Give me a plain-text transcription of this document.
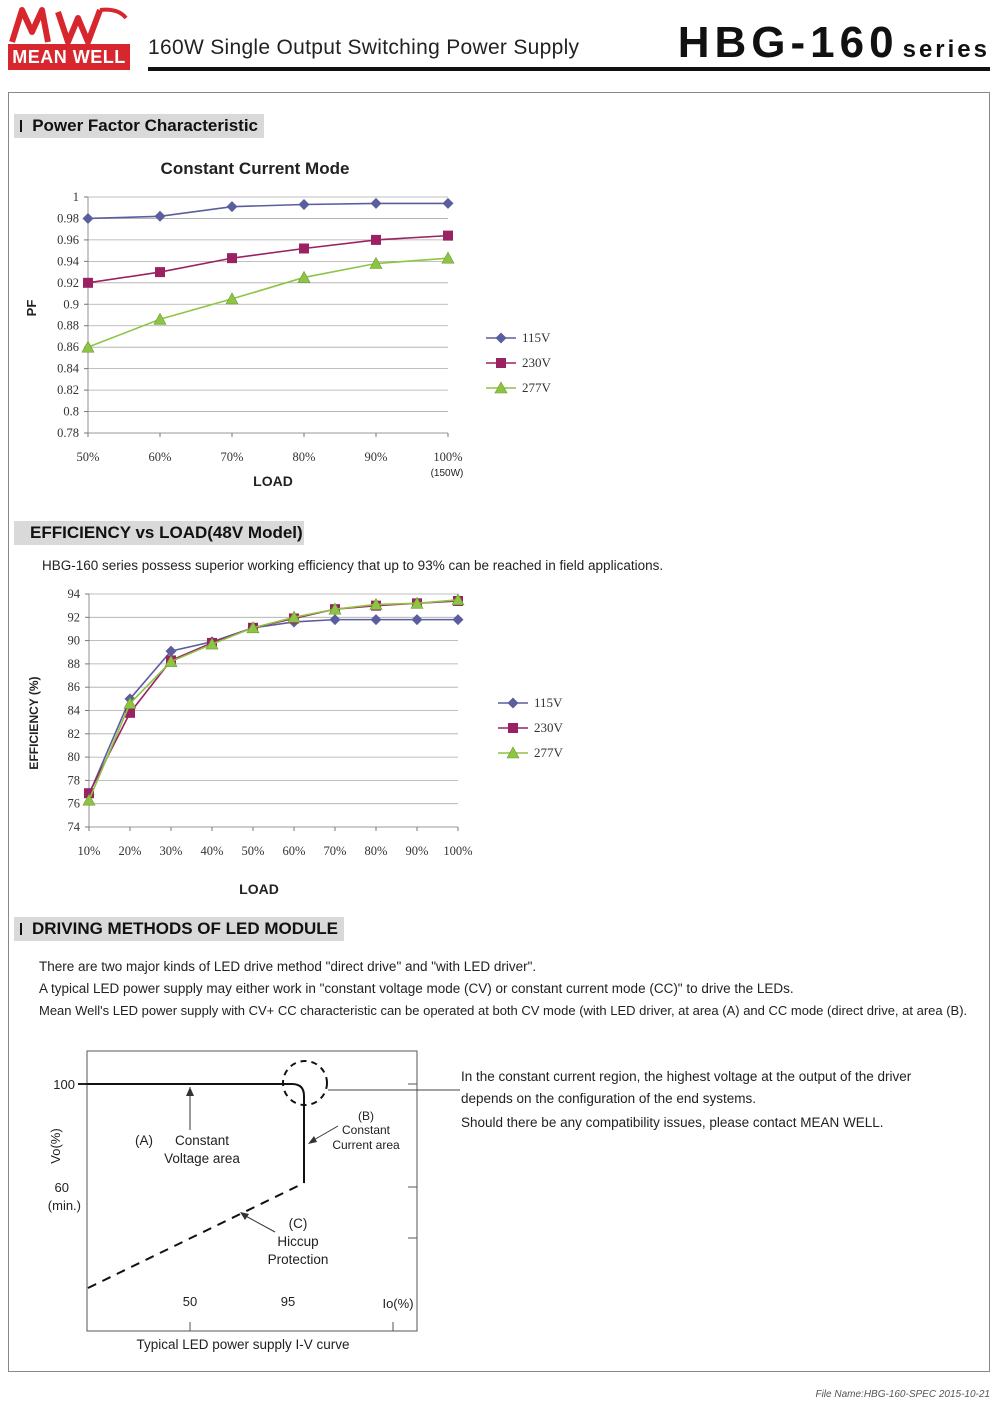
MEAN WELL 160W Single Output Switching Power Supply HBG-160 series
Power Factor Characteristic
0.78
0.8
0.82
0.84
0.86
0.88
0.9
0.92
0.94
0.96
0.98
1
50%	60%	70%	80%	90%	100%
Constant Current Mode
PF
LOAD	(150W)
115V
230V
277V
EFFICIENCY vs LOAD(48V Model)
HBG-160 series possess superior working efficiency that up to 93% can be reached in field applications.
74
76
78
80
82
84
86
88
90
92
94
10% 20% 30% 40% 50% 60% 70% 80% 90% 100%
EFFICIENCY (%)
LOAD
115V
230V
277V
DRIVING METHODS OF LED MODULE
There are two major kinds of LED drive method "direct drive" and "with LED driver".
A typical LED power supply may either work in "constant voltage mode (CV) or constant current mode (CC)" to drive the LEDs.
Mean Well's LED power supply with CV+ CC characteristic can be operated at both CV mode (with LED driver, at area (A) and CC mode (direct drive, at area (B).
100
60
(min.)
Vo(%)
50	95	Io(%)
(A) Constant
Voltage area
(B)
Constant
Current area
(C)
Hiccup
Protection
Typical LED power supply I-V curve
In the constant current region, the highest voltage at the output of the driver
depends on the configuration of the end systems.
Should there be any compatibility issues, please contact MEAN WELL.
File Name:HBG-160-SPEC 2015-10-21
